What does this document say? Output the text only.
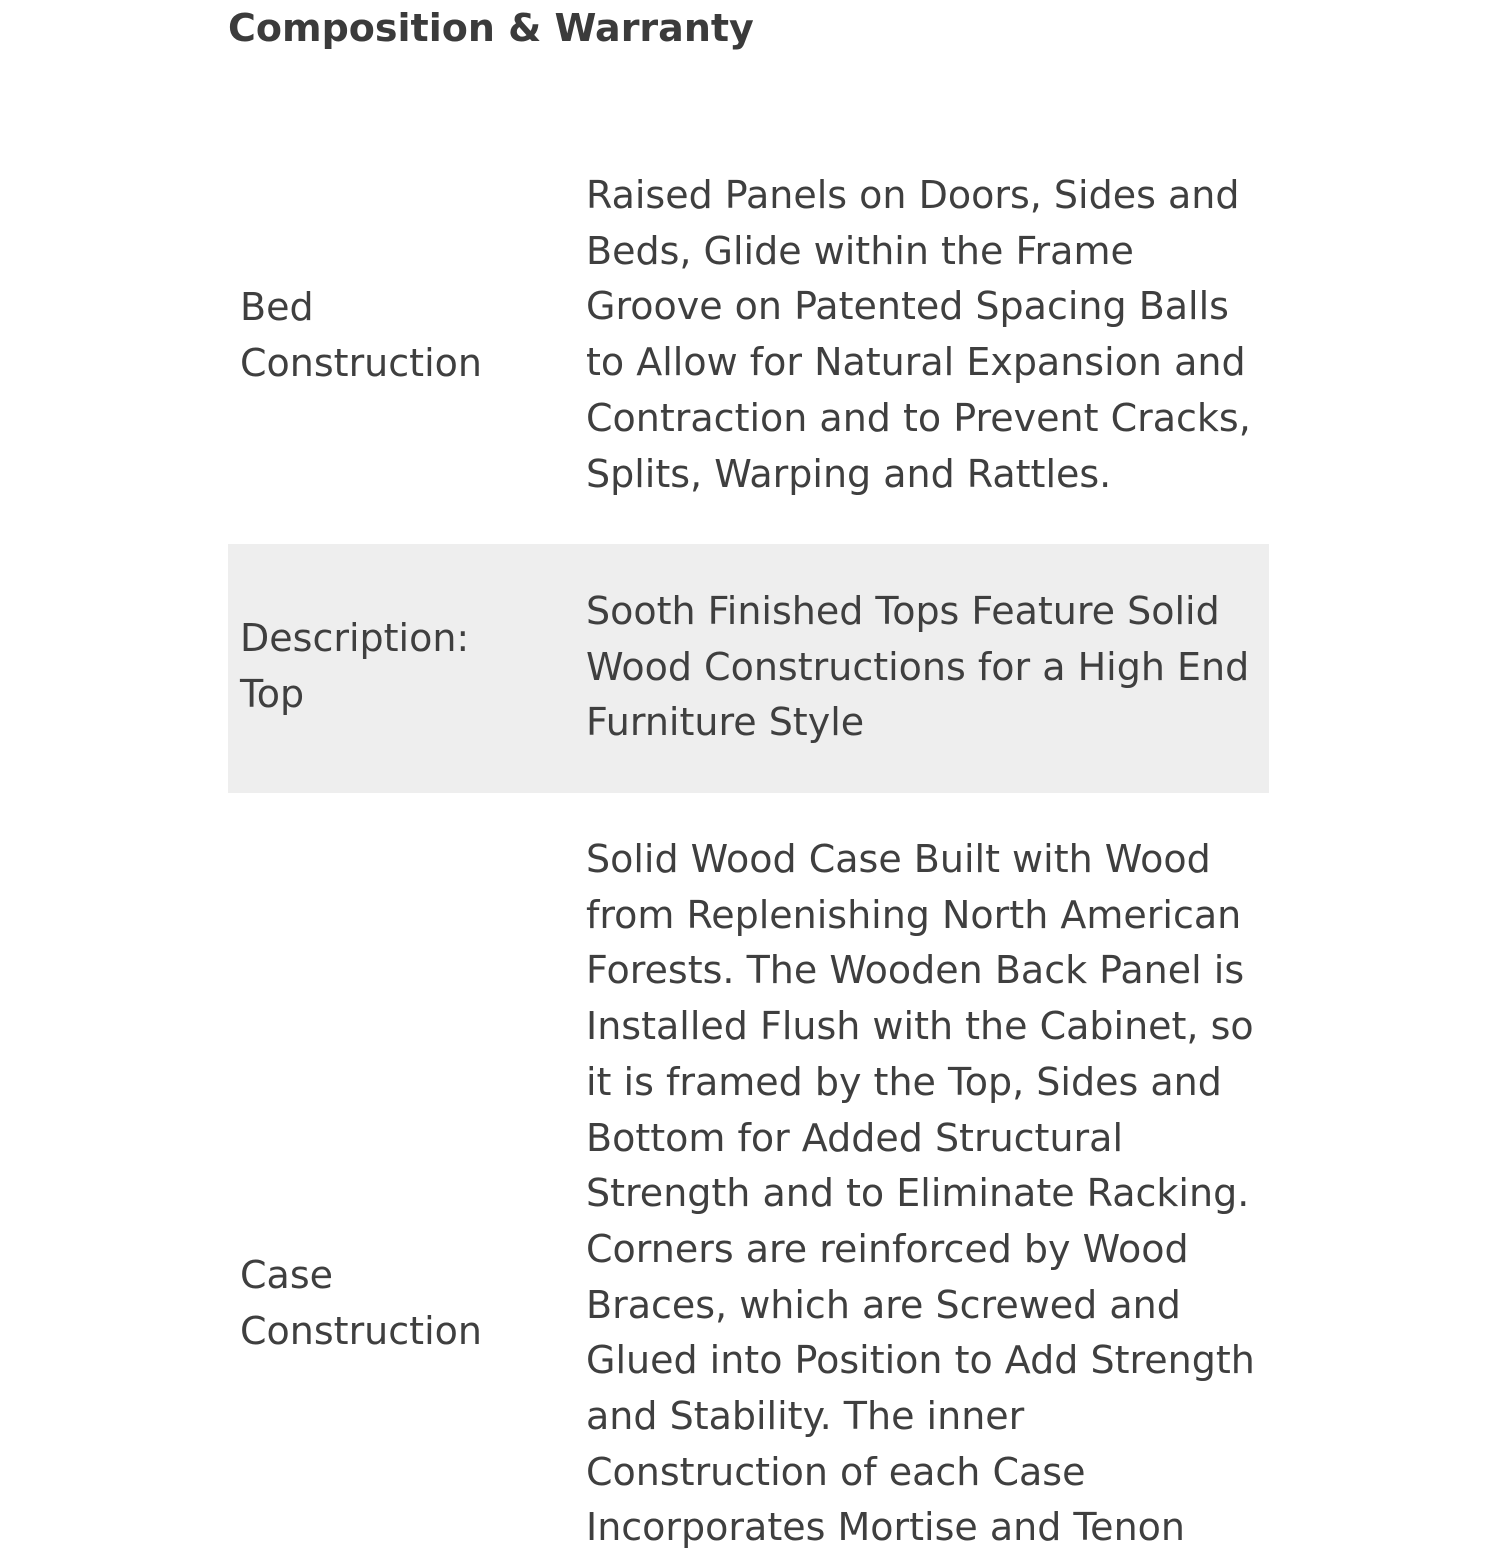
Composition & Warranty
Bed
Construction
Raised Panels on Doors, Sides and
Beds, Glide within the Frame
Groove on Patented Spacing Balls
to Allow for Natural Expansion and
Contraction and to Prevent Cracks,
Splits, Warping and Rattles.
Description:
Top
Sooth Finished Tops Feature Solid
Wood Constructions for a High End
Furniture Style
Case
Construction
Solid Wood Case Built with Wood
from Replenishing North American
Forests. The Wooden Back Panel is
Installed Flush with the Cabinet, so
it is framed by the Top, Sides and
Bottom for Added Structural
Strength and to Eliminate Racking.
Corners are reinforced by Wood
Braces, which are Screwed and
Glued into Position to Add Strength
and Stability. The inner
Construction of each Case
Incorporates Mortise and Tenon
